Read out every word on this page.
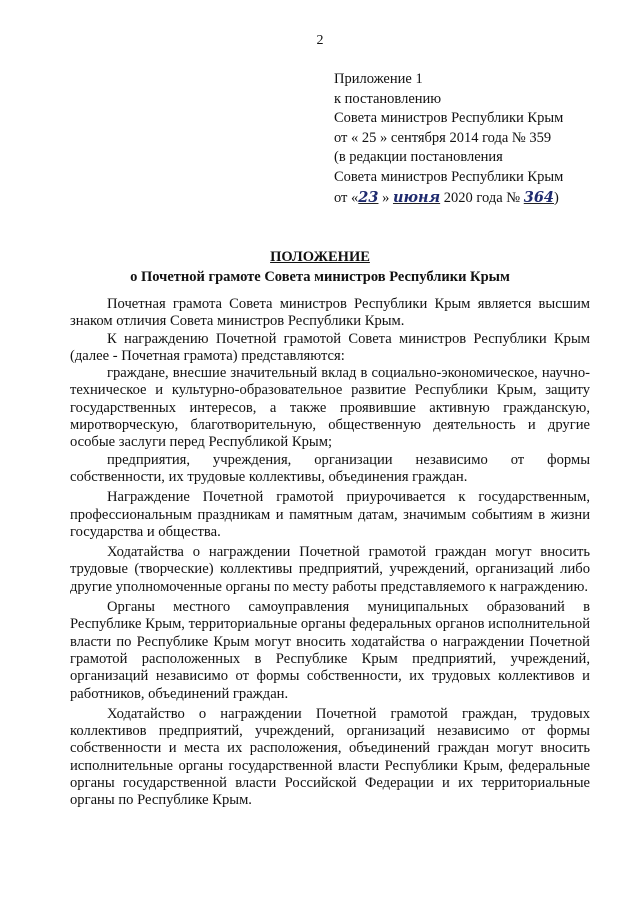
2
Приложение 1
к постановлению
Совета министров Республики Крым
от « 25 » сентября 2014 года № 359
(в редакции постановления
Совета министров Республики Крым
от «23 » июня 2020 года № 364)
ПОЛОЖЕНИЕ
о Почетной грамоте Совета министров Республики Крым

Почетная грамота Совета министров Республики Крым является высшим знаком отличия Совета министров Республики Крым.

К награждению Почетной грамотой Совета министров Республики Крым (далее - Почетная грамота) представляются:

граждане, внесшие значительный вклад в социально-экономическое, научно-техническое и культурно-образовательное развитие Республики Крым, защиту государственных интересов, а также проявившие активную гражданскую, миротворческую, благотворительную, общественную деятельность и другие особые заслуги перед Республикой Крым;

предприятия, учреждения, организации независимо от формы собственности, их трудовые коллективы, объединения граждан.

Награждение Почетной грамотой приурочивается к государственным, профессиональным праздникам и памятным датам, значимым событиям в жизни государства и общества.

Ходатайства о награждении Почетной грамотой граждан могут вносить трудовые (творческие) коллективы предприятий, учреждений, организаций либо другие уполномоченные органы по месту работы представляемого к награждению.

Органы местного самоуправления муниципальных образований в Республике Крым, территориальные органы федеральных органов исполнительной власти по Республике Крым могут вносить ходатайства о награждении Почетной грамотой расположенных в Республике Крым предприятий, учреждений, организаций независимо от формы собственности, их трудовых коллективов и работников, объединений граждан.

Ходатайство о награждении Почетной грамотой граждан, трудовых коллективов предприятий, учреждений, организаций независимо от формы собственности и места их расположения, объединений граждан могут вносить исполнительные органы государственной власти Республики Крым, федеральные органы государственной власти Российской Федерации и их территориальные органы по Республике Крым.
